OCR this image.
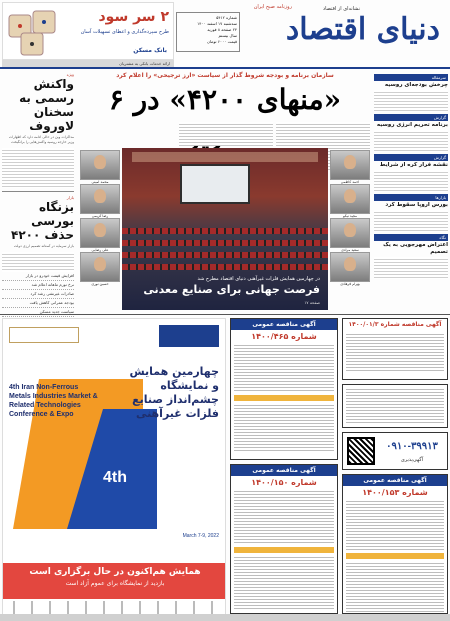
۲ سر سود
طرح سپرده‌گذاری و اعطای تسهیلات آسان
بانک مسکن
ارائه خدمات بانکی به مشتریان
شماره ۵۴۱۲
سه‌شنبه ۱۷ اسفند ۱۴۰۰
۲۴ صفحه ۸ فوریه
سال بیستم
قیمت ۶۰۰۰ تومان
روزنامه صبح ایران	نشانه‌ای از اقتصاد
دنیای اقتصاد
ویژه
واکنش رسمی به سخنان لاوروف
مذاکرات وین در حالی ادامه دارد که اظهارات وزیر خارجه روسیه واکنش‌هایی را برانگیخت
بازار
بزنگاه بورسی حذف ۴۲۰۰
بازار سرمایه در آستانه تصمیم ارزی دولت
افزایش قیمت خودرو در بازار
نرخ تورم ماهانه اعلام شد
صادرات غیرنفتی رشد کرد
بودجه عمرانی کاهش یافت
سیاست جدید مسکن
سازمان برنامه و بودجه شروط گذار از سیاست «ارز ترجیحی» را اعلام کرد
«منهای ۴۲۰۰» در ۶
محمد امینی
رضا کریمی
علی رضایی
حسین نوری
در چهارمین همایش فلزات غیرآهنی دنیای اقتصاد مطرح شد
فرصت جهانی برای صنایع معدنی
صفحه ۱۷
احمد کاظمی
مجید نیکو
سعید مرادی
بهرام فرهادی
سرمقاله
چرخش بودجه‌ای روسیه
گزارش
برنامه تحریم انرژی روسیه
گزارش
نقشه فرار کره از شرایط
بازارها
بورس اروپا سقوط کرد
نگاه
اعتراض مهرجویی به یک تصمیم
4th
چهارمین همایش و نمایشگاه چشم‌انداز صنایع فلزات غیرآهنی
4th Iran Non-Ferrous Metals Industries Market & Related Technologies Conference & Expo
March 7-9, 2022
همایش هم‌اکنون در حال برگزاری است
بازدید از نمایشگاه برای عموم آزاد است
آگهی مناقصه عمومی
شماره ۱۴۰۰/۴۶۵
آگهی مناقصه عمومی
شماره ۱۴۰۰/۱۵۰
آگهی مناقصه شماره ۱۴۰۰/۰۱/۳
۰۹۱۰-۳۹۹۱۳
آگهی‌پذیری
آگهی مناقصه عمومی
شماره ۱۴۰۰/۱۵۳
